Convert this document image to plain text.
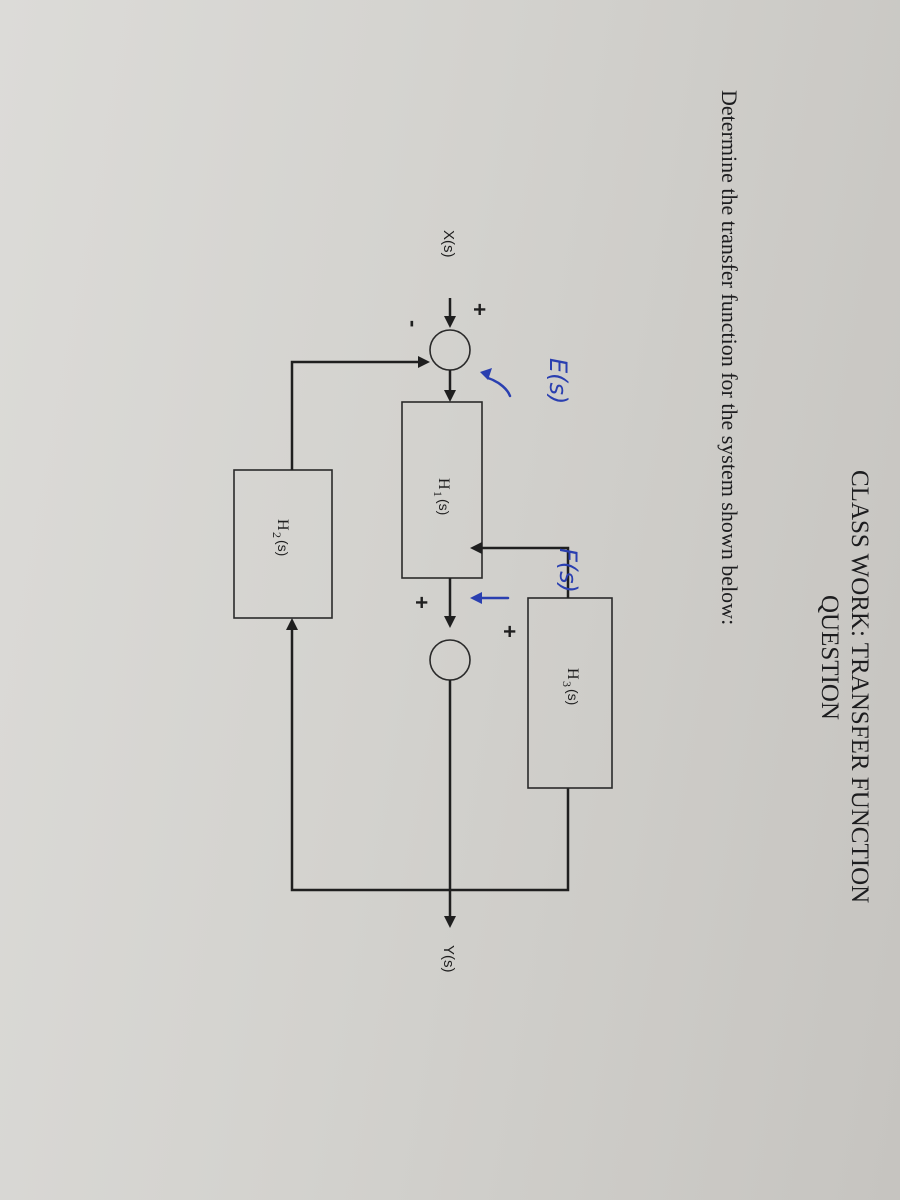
CLASS WORK: TRANSFER FUNCTION
QUESTION
Determine the transfer function for the system shown below:
H
1
(s)
H
3
(s)
H
2
(s)
X(s)
Y(s)
+
-
+
+
E(s)
F(s)
